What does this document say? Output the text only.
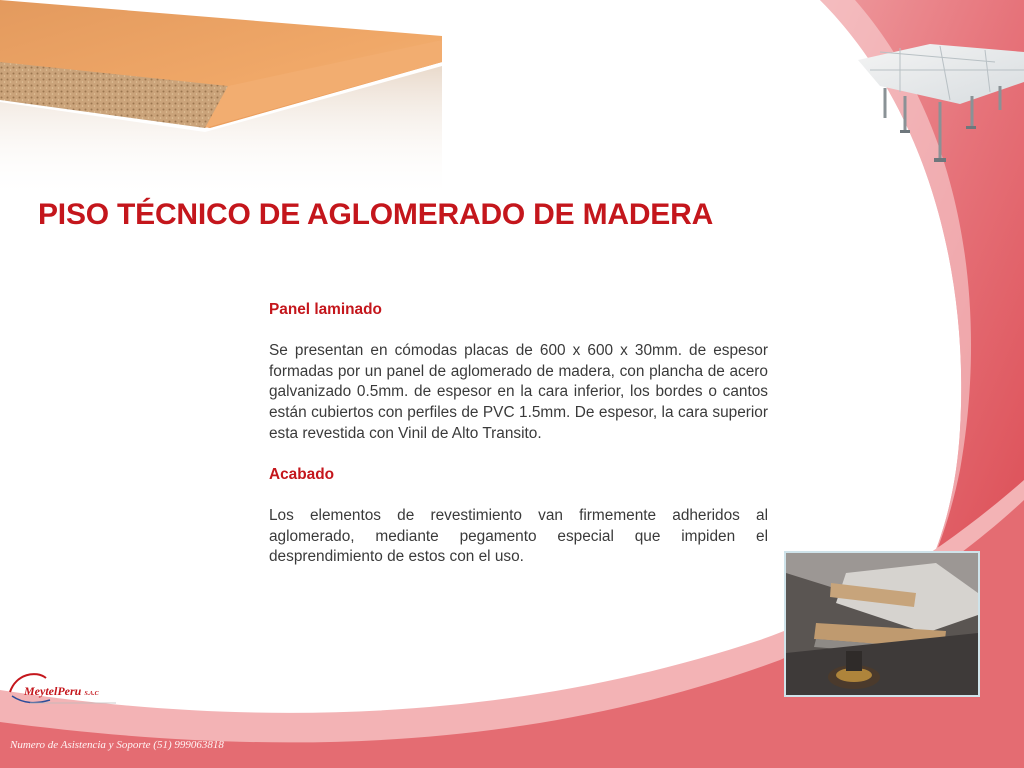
PISO TÉCNICO DE AGLOMERADO DE MADERA
Panel laminado

Se presentan en cómodas placas de 600 x 600 x 30mm. de espesor formadas por un panel de aglomerado de madera, con plancha de acero galvanizado 0.5mm. de espesor en la cara inferior, los bordes o cantos están cubiertos con perfiles de PVC 1.5mm. De espesor, la cara superior esta revestida con Vinil de Alto Transito.

Acabado

Los elementos de revestimiento van firmemente adheridos al aglomerado, mediante pegamento especial que impiden el desprendimiento de estos con el uso.

MeytelPeru S.A.C
Numero de Asistencia y Soporte (51) 999063818
